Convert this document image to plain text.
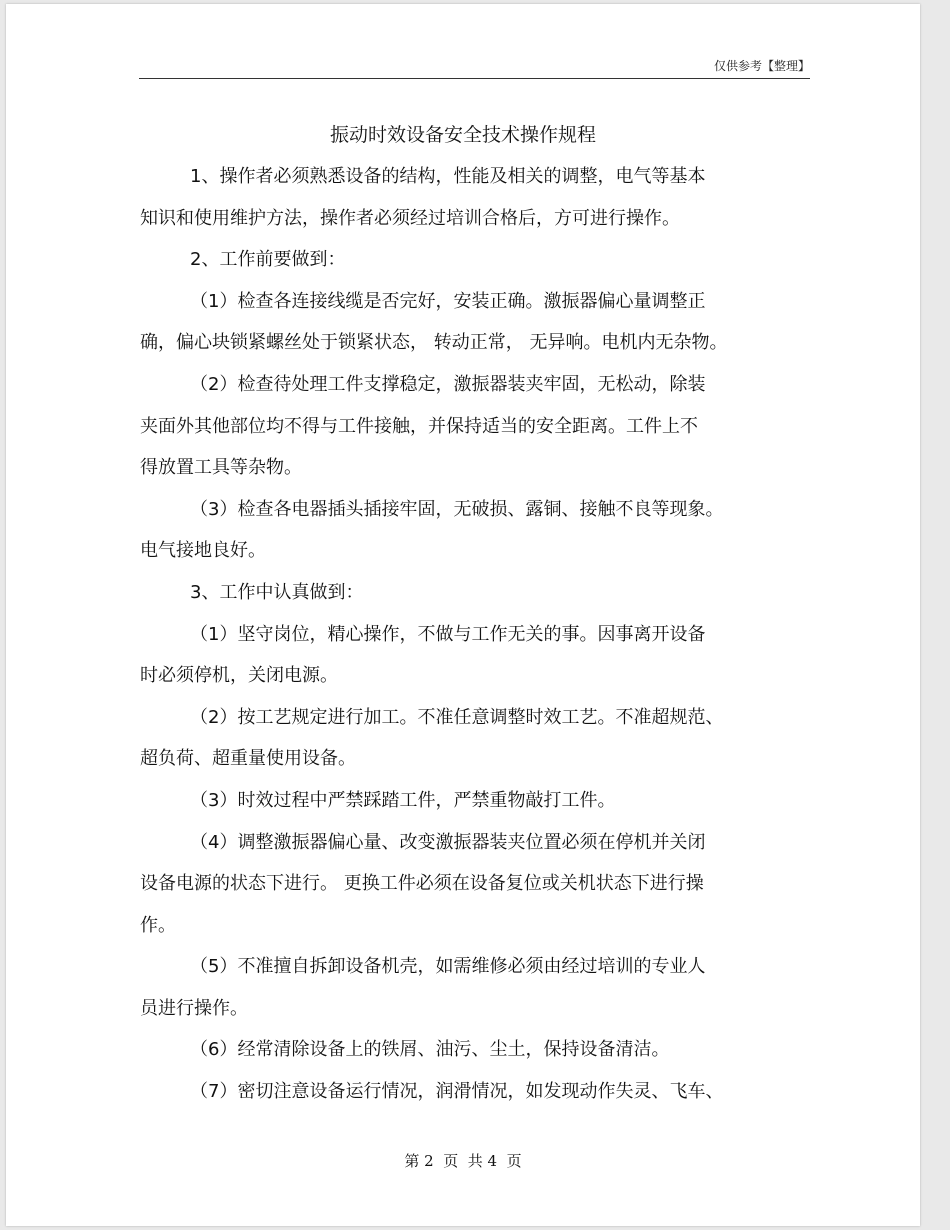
仅供参考【整理】
振动时效设备安全技术操作规程

1、操作者必须熟悉设备的结构，性能及相关的调整，电气等基本

知识和使用维护方法，操作者必须经过培训合格后，方可进行操作。

2、工作前要做到：

（1）检查各连接线缆是否完好，安装正确。激振器偏心量调整正

确，偏心块锁紧螺丝处于锁紧状态， 转动正常， 无异响。电机内无杂物。

（2）检查待处理工件支撑稳定，激振器装夹牢固，无松动，除装

夹面外其他部位均不得与工件接触，并保持适当的安全距离。工件上不

得放置工具等杂物。

（3）检查各电器插头插接牢固，无破损、露铜、接触不良等现象。

电气接地良好。

3、工作中认真做到：

（1）坚守岗位，精心操作，不做与工作无关的事。因事离开设备

时必须停机，关闭电源。

（2）按工艺规定进行加工。不准任意调整时效工艺。不准超规范、

超负荷、超重量使用设备。

（3）时效过程中严禁踩踏工件，严禁重物敲打工件。

（4）调整激振器偏心量、改变激振器装夹位置必须在停机并关闭

设备电源的状态下进行。 更换工件必须在设备复位或关机状态下进行操

作。

（5）不准擅自拆卸设备机壳，如需维修必须由经过培训的专业人

员进行操作。

（6）经常清除设备上的铁屑、油污、尘土，保持设备清洁。

（7）密切注意设备运行情况，润滑情况，如发现动作失灵、飞车、

第 2  页  共 4  页
